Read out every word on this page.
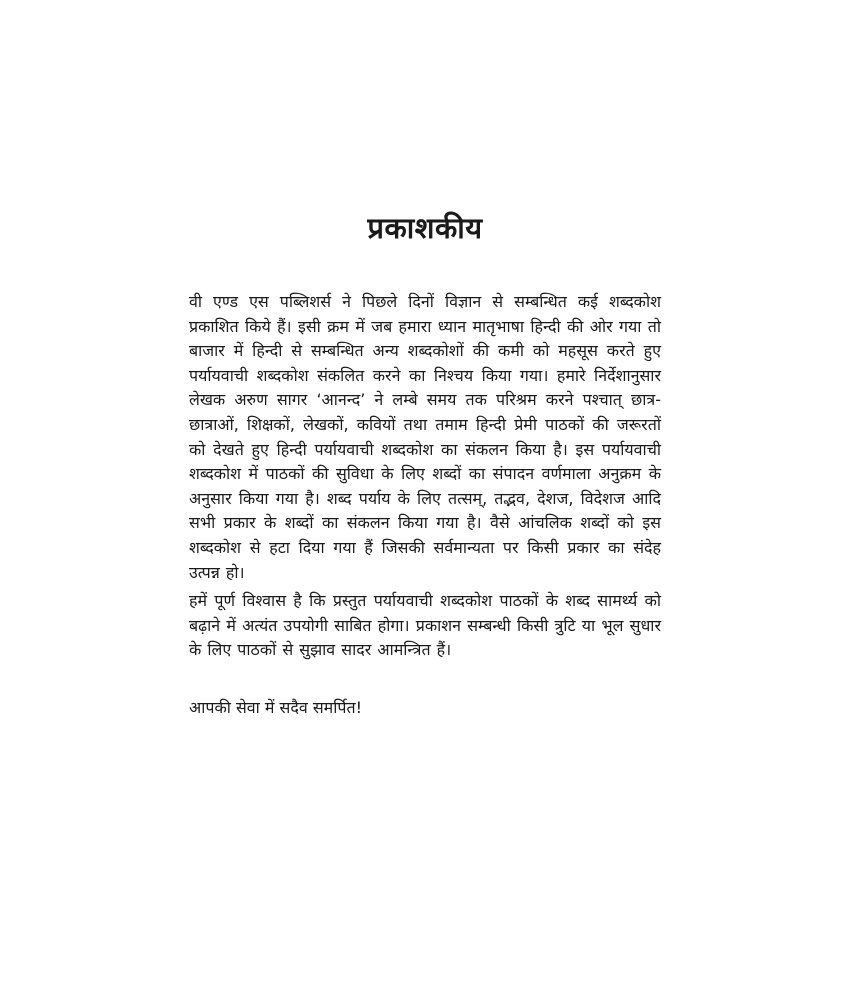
प्रकाशकीय

वी एण्ड एस पब्लिशर्स ने पिछले दिनों विज्ञान से सम्बन्धित कई शब्दकोश प्रकाशित किये हैं। इसी क्रम में जब हमारा ध्यान मातृभाषा हिन्दी की ओर गया तो बाजार में हिन्दी से सम्बन्धित अन्य शब्दकोशों की कमी को महसूस करते हुए पर्यायवाची शब्दकोश संकलित करने का निश्चय किया गया। हमारे निर्देशानुसार लेखक अरुण सागर ‘आनन्द’ ने लम्बे समय तक परिश्रम करने पश्चात् छात्र-छात्राओं, शिक्षकों, लेखकों, कवियों तथा तमाम हिन्दी प्रेमी पाठकों की जरूरतों को देखते हुए हिन्दी पर्यायवाची शब्दकोश का संकलन किया है। इस पर्यायवाची शब्दकोश में पाठकों की सुविधा के लिए शब्दों का संपादन वर्णमाला अनुक्रम के अनुसार किया गया है। शब्द पर्याय के लिए तत्सम्, तद्भव, देशज, विदेशज आदि सभी प्रकार के शब्दों का संकलन किया गया है। वैसे आंचलिक शब्दों को इस शब्दकोश से हटा दिया गया हैं जिसकी सर्वमान्यता पर किसी प्रकार का संदेह उत्पन्न हो।

हमें पूर्ण विश्वास है कि प्रस्तुत पर्यायवाची शब्दकोश पाठकों के शब्द सामर्थ्य को बढ़ाने में अत्यंत उपयोगी साबित होगा। प्रकाशन सम्बन्धी किसी त्रुटि या भूल सुधार के लिए पाठकों से सुझाव सादर आमन्त्रित हैं।

आपकी सेवा में सदैव समर्पित!
